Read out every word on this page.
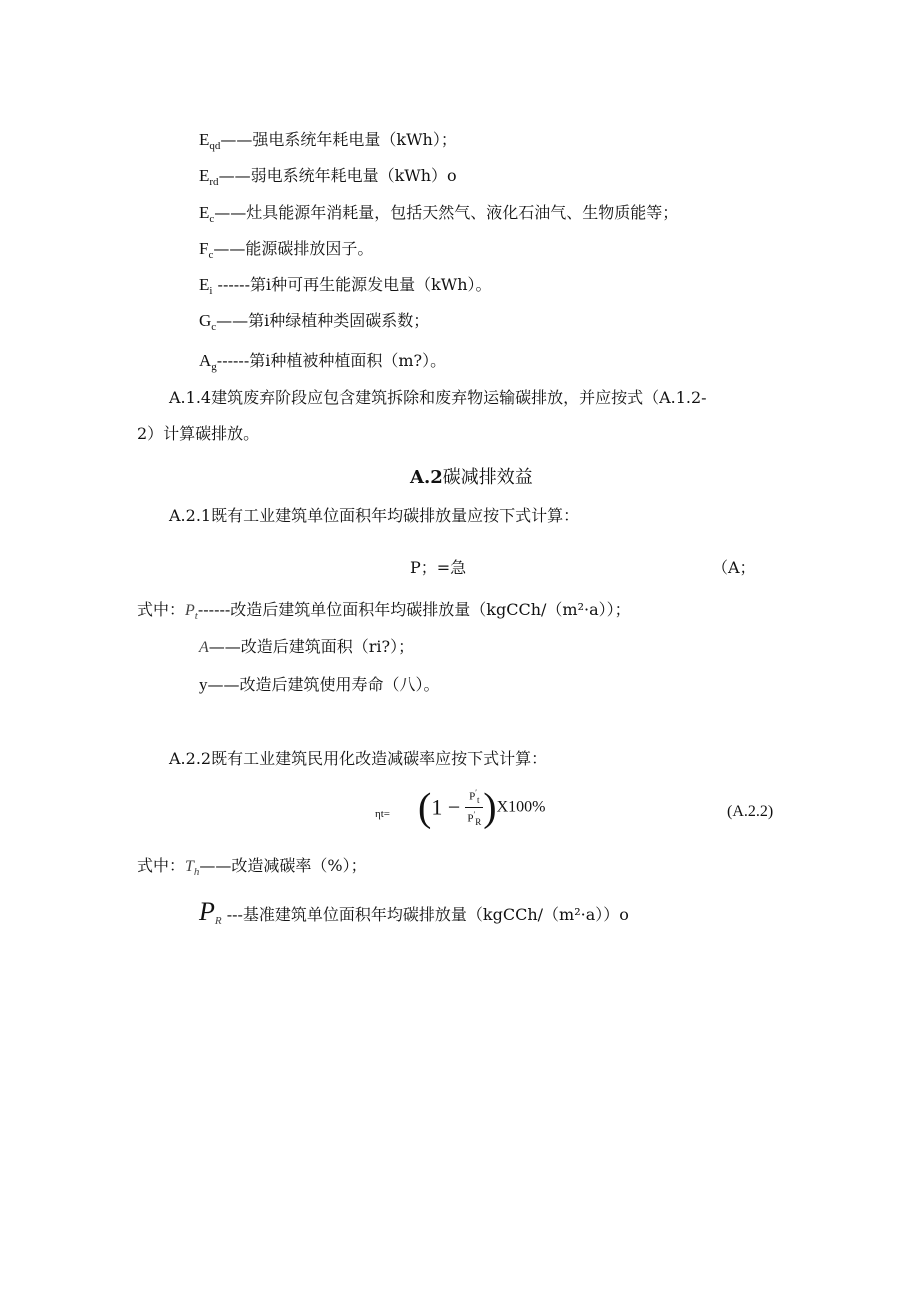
$E_{qd}——$强电系统年耗电量（kWh）；
$E_{rd}——$弱电系统年耗电量（kWh）o
$E_c——$灶具能源年消耗量，包括天然气、液化石油气、生物质能等；
$F_c——$能源碳排放因子。
$E_i$ ------第i种可再生能源发电量（kWh）。
$G_c——$第i种绿植种类固碳系数；
$A_g------$第i种植被种植面积（m?）。
A.1.4建筑废弃阶段应包含建筑拆除和废弃物运输碳排放，并应按式（A.1.2-
2）计算碳排放。
A.2碳减排效益
A.2.1既有工业建筑单位面积年均碳排放量应按下式计算：
P；=急	（A；
式中：$P_t------$改造后建筑单位面积年均碳排放量（kgCCh/（m²·a））；
A——改造后建筑面积（ri?）；
y——改造后建筑使用寿命（八）。
A.2.2既有工业建筑民用化改造减碳率应按下式计算：
$\eta t= (1 - \frac{P'_t}{P'_R} )X100\%$	(A.2.2)
式中：$T_h——$改造减碳率（%）；
$P_R$ ---基准建筑单位面积年均碳排放量（kgCCh/（m²·a））o
